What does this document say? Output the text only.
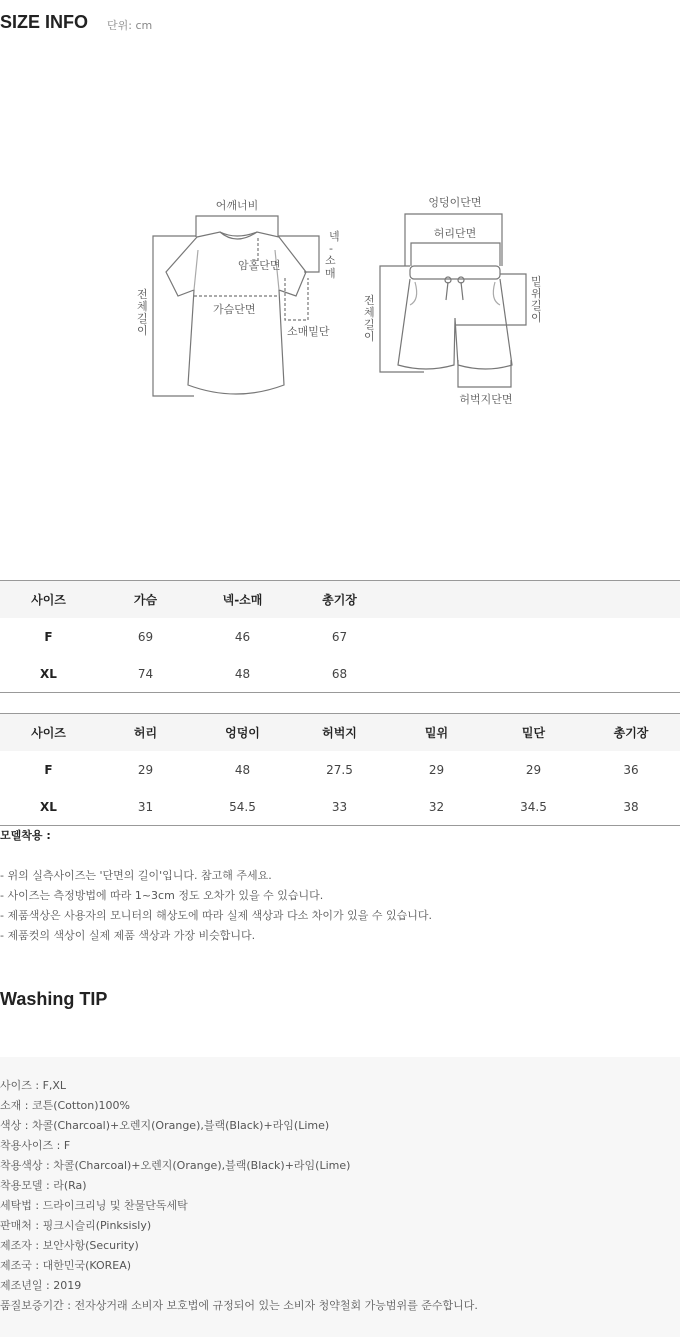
SIZE INFO 단위: cm
어깨너비
넥 - 소 매
암홀단면
가슴단면
소매밑단
전 체 길 이
엉덩이단면
허리단면
밑 위 길 이
전 체 길 이
허벅지단면
사이즈	가슴	넥-소매	총기장	
F	69	46	67	
XL	74	48	68	
사이즈	허리	엉덩이	허벅지	밑위	밑단	총기장
F	29	48	27.5	29	29	36
XL	31	54.5	33	32	34.5	38
모델착용 :
- 위의 실측사이즈는 '단면의 길이'입니다. 참고해 주세요.
- 사이즈는 측정방법에 따라 1~3cm 정도 오차가 있을 수 있습니다.
- 제품색상은 사용자의 모니터의 해상도에 따라 실제 색상과 다소 차이가 있을 수 있습니다.
- 제품컷의 색상이 실제 제품 색상과 가장 비슷합니다.
Washing TIP
사이즈 : F,XL
소재 : 코튼(Cotton)100%
색상 : 차콜(Charcoal)+오렌지(Orange),블랙(Black)+라임(Lime)
착용사이즈 : F
착용색상 : 차콜(Charcoal)+오렌지(Orange),블랙(Black)+라임(Lime)
착용모델 : 라(Ra)
세탁법 : 드라이크리닝 및 찬물단독세탁
판매처 : 핑크시슬리(Pinksisly)
제조자 : 보안사항(Security)
제조국 : 대한민국(KOREA)
제조년일 : 2019
품질보증기간 : 전자상거래 소비자 보호법에 규정되어 있는 소비자 청약철회 가능범위를 준수합니다.
